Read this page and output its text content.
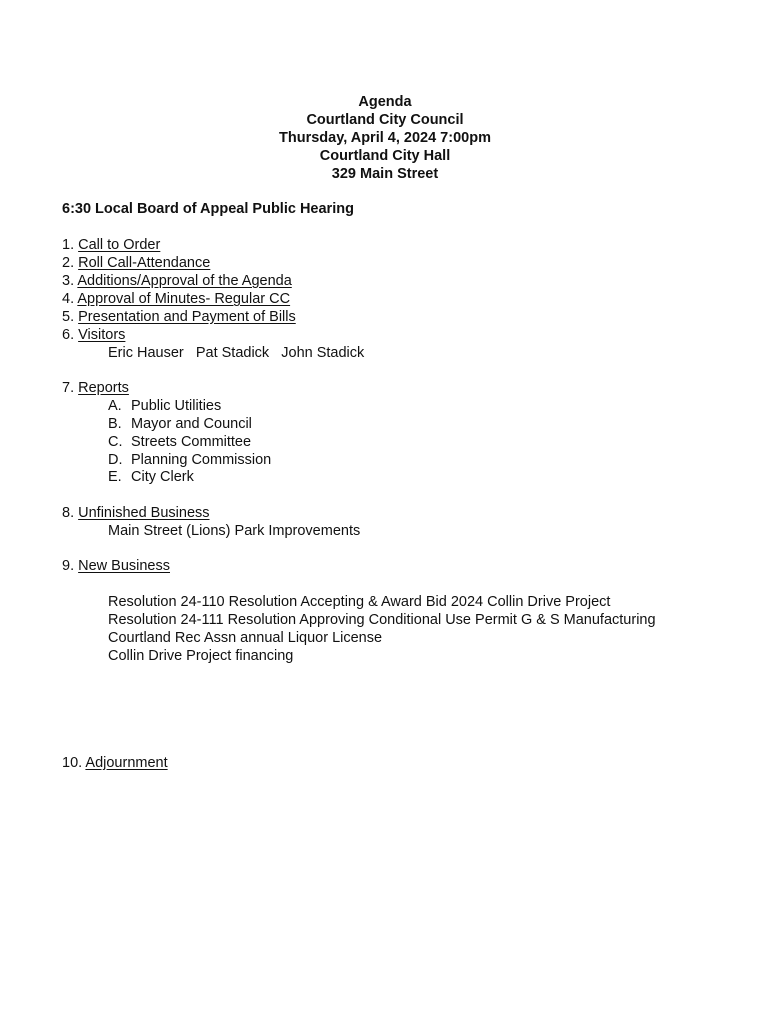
Agenda
Courtland City Council
Thursday, April 4, 2024 7:00pm
Courtland City Hall
329 Main Street
6:30 Local Board of Appeal Public Hearing
1. Call to Order
2. Roll Call-Attendance
3. Additions/Approval of the Agenda
4. Approval of Minutes- Regular CC
5. Presentation and Payment of Bills
6. Visitors
Eric Hauser   Pat Stadick   John Stadick
7. Reports
A. Public Utilities
B. Mayor and Council
C. Streets Committee
D. Planning Commission
E. City Clerk
8. Unfinished Business
Main Street (Lions) Park Improvements
9. New Business
Resolution 24-110 Resolution Accepting & Award Bid 2024 Collin Drive Project
Resolution 24-111 Resolution Approving Conditional Use Permit G & S Manufacturing
Courtland Rec Assn annual Liquor License
Collin Drive Project financing
10. Adjournment
